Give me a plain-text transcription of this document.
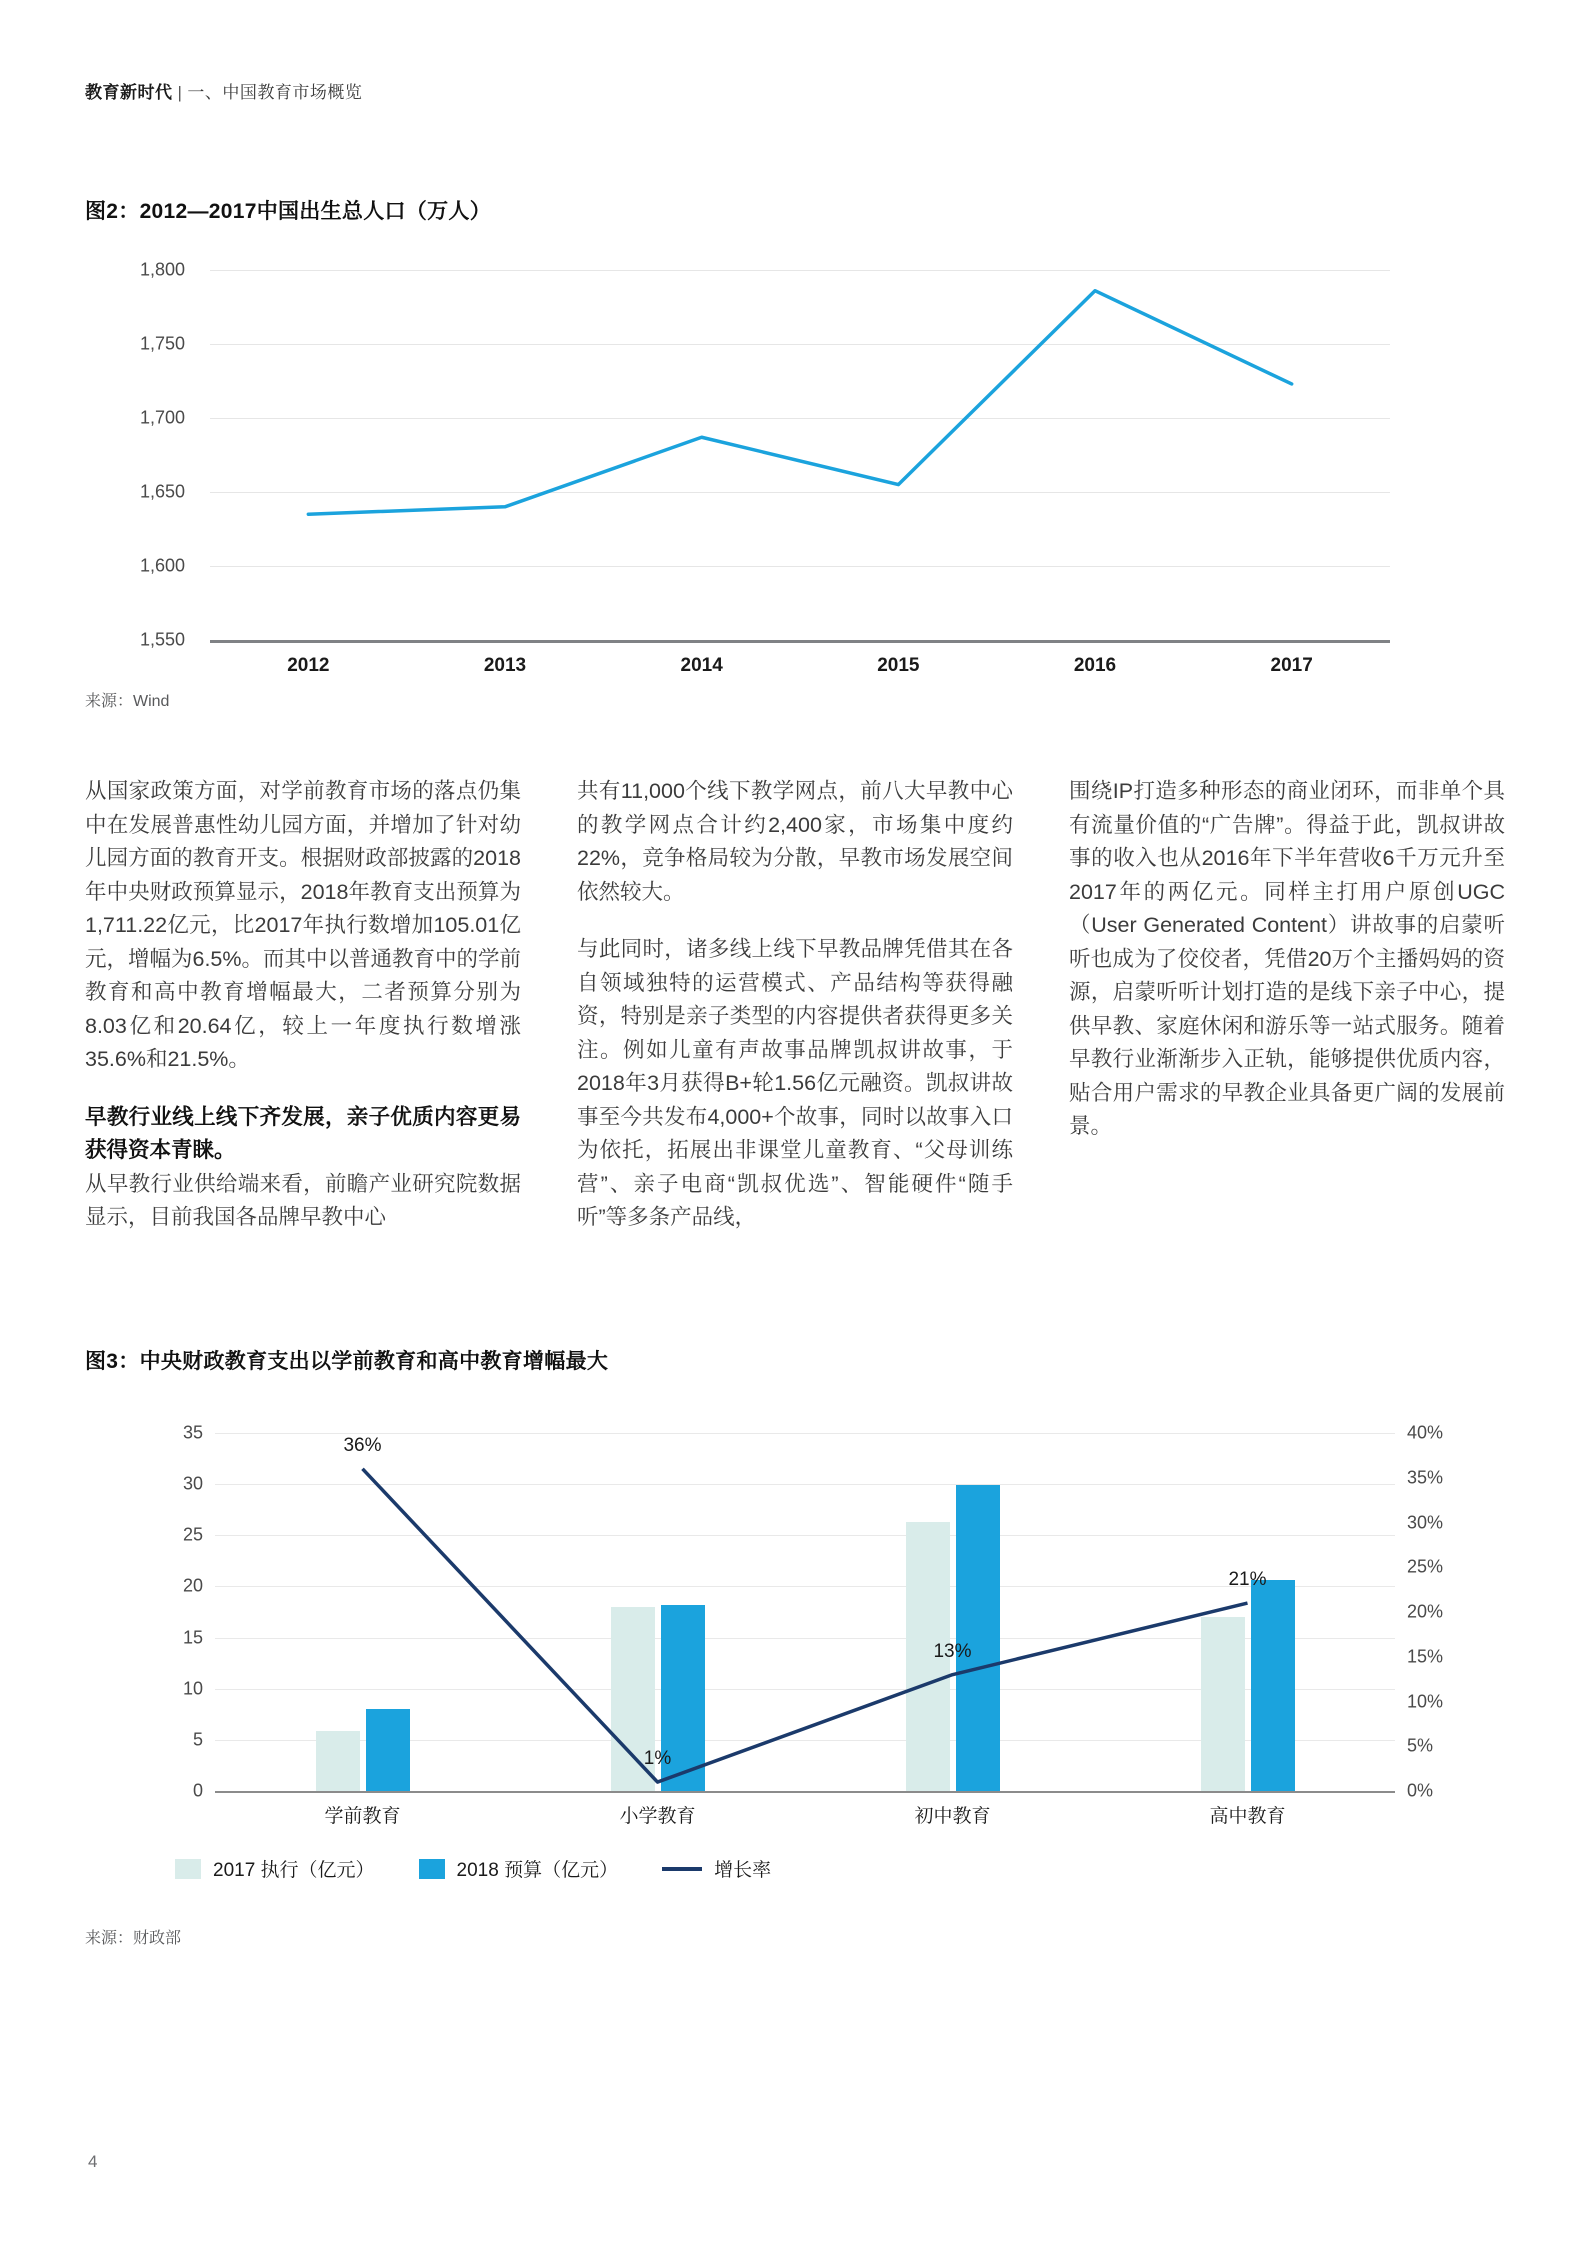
教育新时代 | 一、中国教育市场概览
图2：2012—2017中国出生总人口（万人）
1,550
1,600
1,650
1,700
1,750
1,800
2012	2013	2014	2015	2016	2017
来源：Wind

从国家政策方面，对学前教育市场的落点仍集中在发展普惠性幼儿园方面，并增加了针对幼儿园方面的教育开支。根据财政部披露的2018年中央财政预算显示，2018年教育支出预算为1,711.22亿元，比2017年执行数增加105.01亿元，增幅为6.5%。而其中以普通教育中的学前教育和高中教育增幅最大，二者预算分别为8.03亿和20.64亿，较上一年度执行数增涨35.6%和21.5%。

早教行业线上线下齐发展，亲子优质内容更易获得资本青睐。

从早教行业供给端来看，前瞻产业研究院数据显示，目前我国各品牌早教中心

共有11,000个线下教学网点，前八大早教中心的教学网点合计约2,400家，市场集中度约22%，竞争格局较为分散，早教市场发展空间依然较大。

与此同时，诸多线上线下早教品牌凭借其在各自领域独特的运营模式、产品结构等获得融资，特别是亲子类型的内容提供者获得更多关注。例如儿童有声故事品牌凯叔讲故事，于2018年3月获得B+轮1.56亿元融资。凯叔讲故事至今共发布4,000+个故事，同时以故事入口为依托，拓展出非课堂儿童教育、“父母训练营”、亲子电商“凯叔优选”、智能硬件“随手听”等多条产品线，

围绕IP打造多种形态的商业闭环，而非单个具有流量价值的“广告牌”。得益于此，凯叔讲故事的收入也从2016年下半年营收6千万元升至2017年的两亿元。同样主打用户原创UGC（User Generated Content）讲故事的启蒙听听也成为了佼佼者，凭借20万个主播妈妈的资源，启蒙听听计划打造的是线下亲子中心，提供早教、家庭休闲和游乐等一站式服务。随着早教行业渐渐步入正轨，能够提供优质内容，贴合用户需求的早教企业具备更广阔的发展前景。

图3：中央财政教育支出以学前教育和高中教育增幅最大
0
5
10
15
20
25
30
35
0%
5%
10%
15%
20%
25%
30%
35%
40%
36%
1%
13%
21%
学前教育	小学教育	初中教育	高中教育
2017 执行（亿元）	2018 预算（亿元）	增长率
来源：财政部
4
